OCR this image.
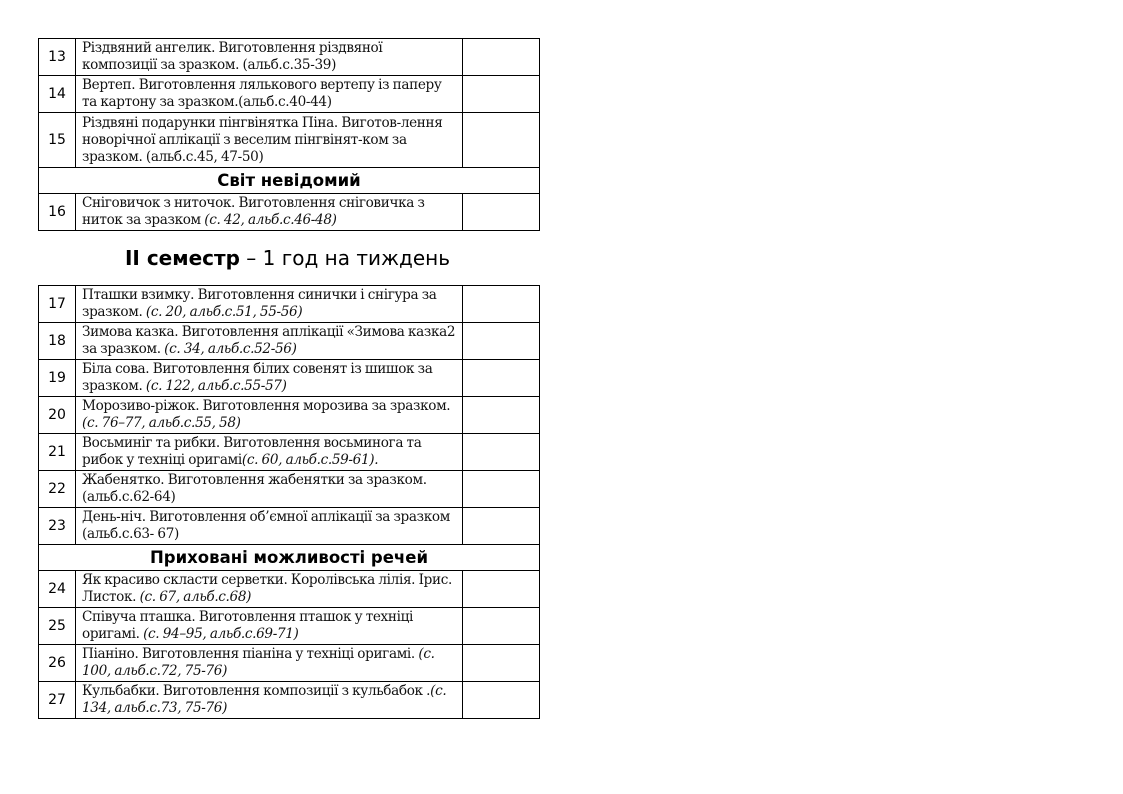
13	Різдвяний ангелик. Виготовлення різдвяної композиції за зразком. (альб.с.35-39)	
14	Вертеп. Виготовлення лялькового вертепу із паперу та картону за зразком.(альб.с.40-44)	
15	Різдвяні подарунки пінгвінятка Піна. Виготов-лення новорічної аплікації з веселим пінгвінят-ком за зразком. (альб.с.45, 47-50)	
Світ невідомий		
16	Сніговичок з ниточок. Виготовлення сніговичка з ниток за зразком (с. 42, альб.с.46-48)	
II семестр – 1 год на тиждень
17	Пташки взимку. Виготовлення синички і снігура за зразком. (с. 20, альб.с.51, 55-56)	
18	Зимова казка. Виготовлення аплікації «Зимова казка2 за зразком. (с. 34, альб.с.52-56)	
19	Біла сова. Виготовлення білих совенят із шишок за зразком. (с. 122, альб.с.55-57)	
20	Морозиво-ріжок. Виготовлення морозива за зразком. (с. 76–77, альб.с.55, 58)	
21	Восьминіг та рибки. Виготовлення восьминога та рибок у техніці оригамі(с. 60, альб.с.59-61).	
22	Жабенятко. Виготовлення жабенятки за зразком. (альб.с.62-64)	
23	День-ніч. Виготовлення об’ємної аплікації за зразком (альб.с.63- 67)	
Приховані можливості речей		
24	Як красиво скласти серветки. Королівська лілія. Ірис. Листок. (с. 67, альб.с.68)	
25	Співуча пташка. Виготовлення пташок у техніці оригамі. (с. 94–95, альб.с.69-71)	
26	Піаніно. Виготовлення піаніна у техніці оригамі. (с. 100, альб.с.72, 75-76)	
27	Кульбабки. Виготовлення композиції з кульбабок .(с. 134, альб.с.73, 75-76)	
